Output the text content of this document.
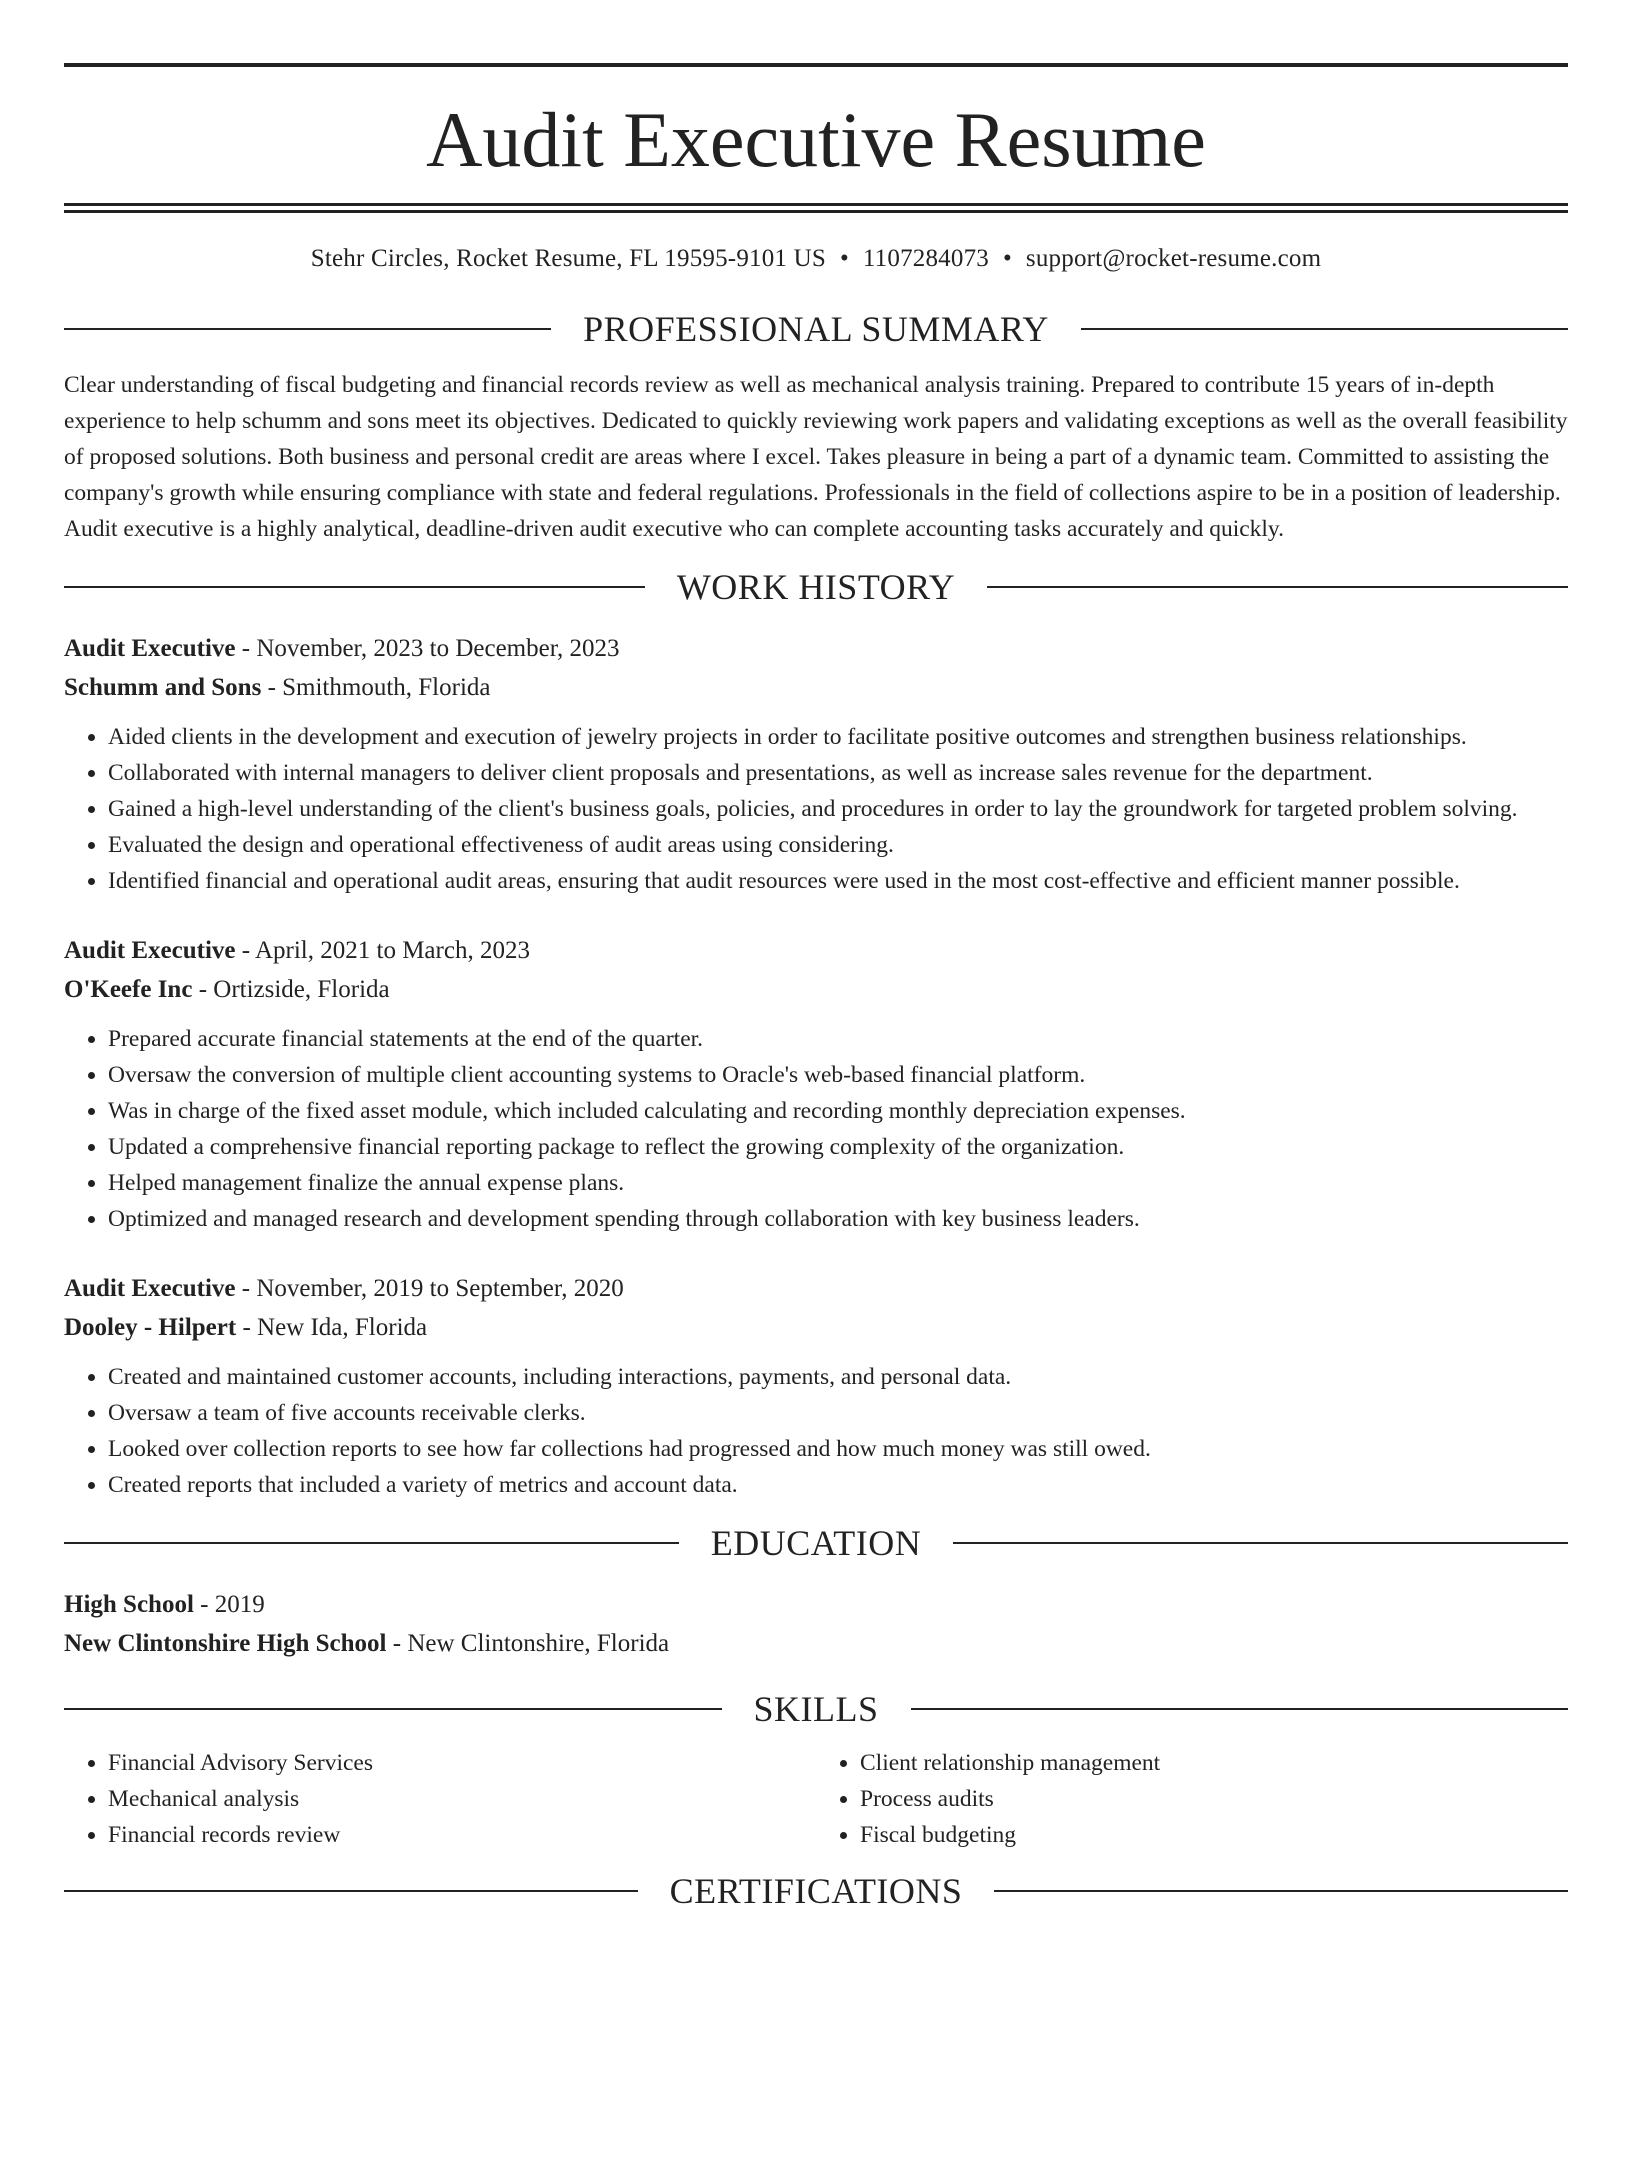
Audit Executive Resume
Stehr Circles, Rocket Resume, FL 19595-9101 US • 1107284073 • support@rocket-resume.com
PROFESSIONAL SUMMARY
Clear understanding of fiscal budgeting and financial records review as well as mechanical analysis training. Prepared to contribute 15 years of in-depth experience to help schumm and sons meet its objectives. Dedicated to quickly reviewing work papers and validating exceptions as well as the overall feasibility of proposed solutions. Both business and personal credit are areas where I excel. Takes pleasure in being a part of a dynamic team. Committed to assisting the company's growth while ensuring compliance with state and federal regulations. Professionals in the field of collections aspire to be in a position of leadership. Audit executive is a highly analytical, deadline-driven audit executive who can complete accounting tasks accurately and quickly.
WORK HISTORY
Audit Executive - November, 2023 to December, 2023
Schumm and Sons - Smithmouth, Florida
• Aided clients in the development and execution of jewelry projects in order to facilitate positive outcomes and strengthen business relationships.
• Collaborated with internal managers to deliver client proposals and presentations, as well as increase sales revenue for the department.
• Gained a high-level understanding of the client's business goals, policies, and procedures in order to lay the groundwork for targeted problem solving.
• Evaluated the design and operational effectiveness of audit areas using considering.
• Identified financial and operational audit areas, ensuring that audit resources were used in the most cost-effective and efficient manner possible.
Audit Executive - April, 2021 to March, 2023
O'Keefe Inc - Ortizside, Florida
• Prepared accurate financial statements at the end of the quarter.
• Oversaw the conversion of multiple client accounting systems to Oracle's web-based financial platform.
• Was in charge of the fixed asset module, which included calculating and recording monthly depreciation expenses.
• Updated a comprehensive financial reporting package to reflect the growing complexity of the organization.
• Helped management finalize the annual expense plans.
• Optimized and managed research and development spending through collaboration with key business leaders.
Audit Executive - November, 2019 to September, 2020
Dooley - Hilpert - New Ida, Florida
• Created and maintained customer accounts, including interactions, payments, and personal data.
• Oversaw a team of five accounts receivable clerks.
• Looked over collection reports to see how far collections had progressed and how much money was still owed.
• Created reports that included a variety of metrics and account data.
EDUCATION
High School - 2019
New Clintonshire High School - New Clintonshire, Florida
SKILLS
• Financial Advisory Services
• Mechanical analysis
• Financial records review
• Client relationship management
• Process audits
• Fiscal budgeting
CERTIFICATIONS
